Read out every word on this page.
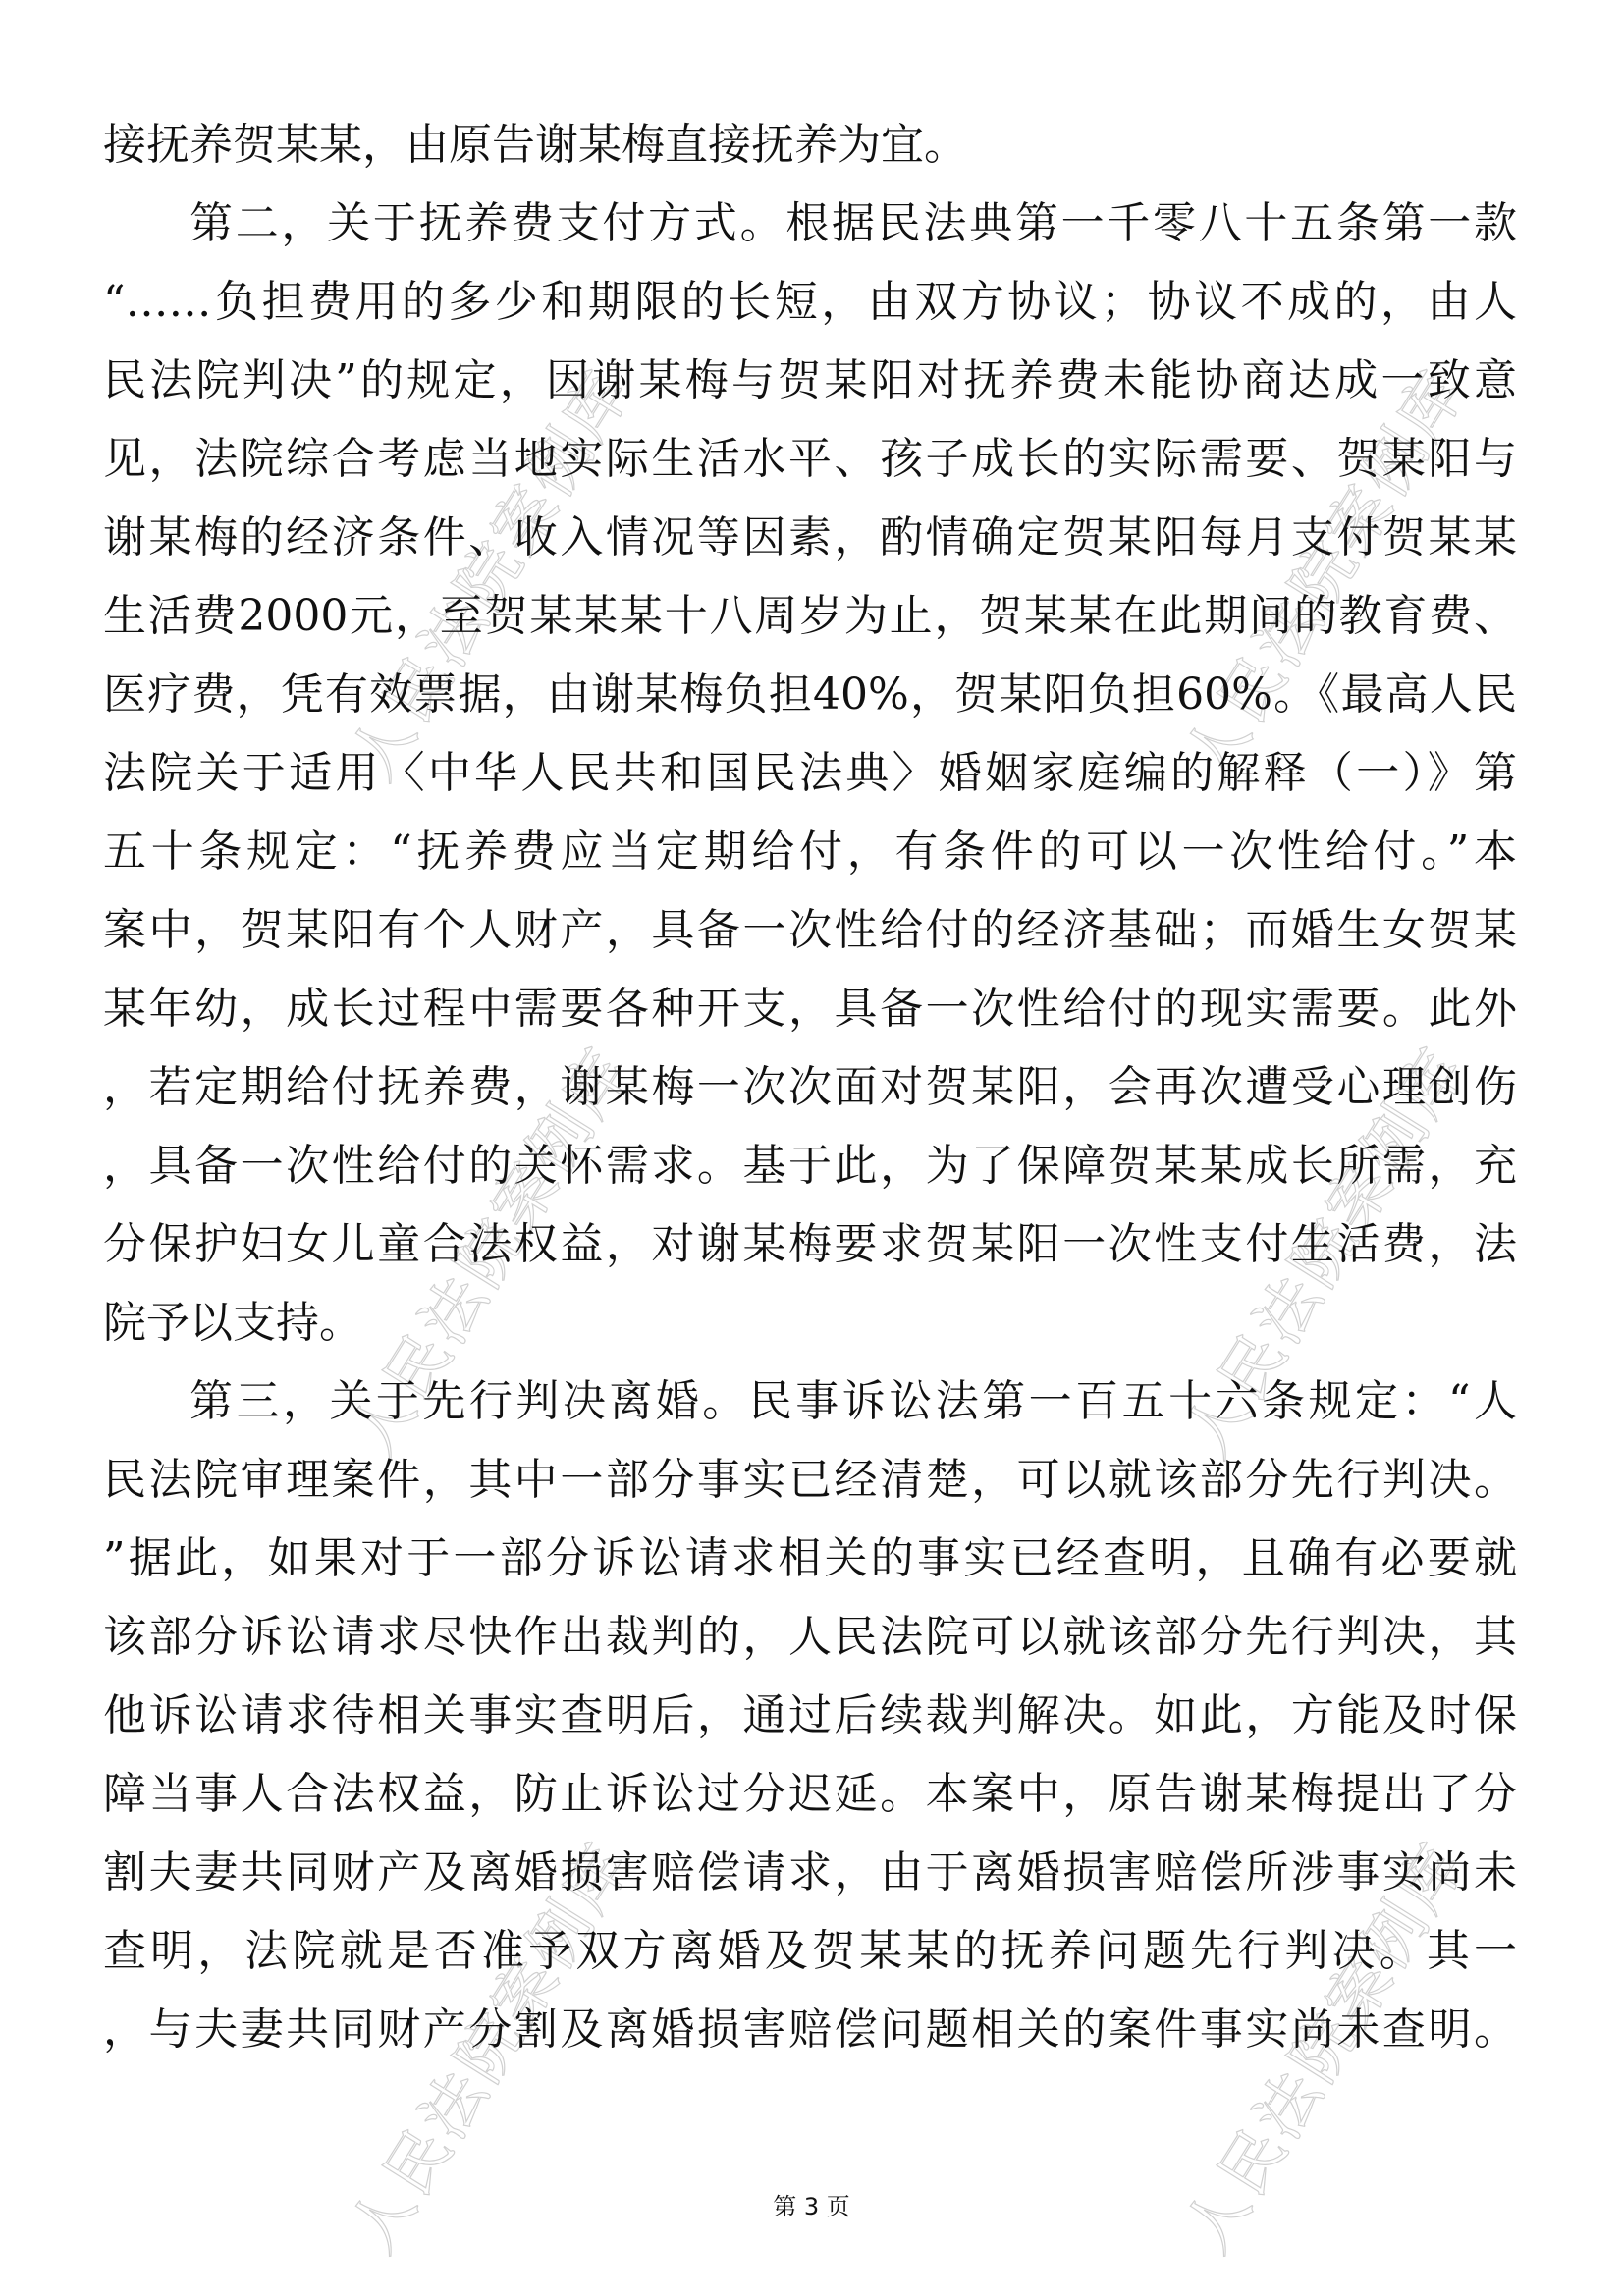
人民法院案例库	人民法院案例库
人民法院案例库	人民法院案例库
人民法院案例库	人民法院案例库
接抚养贺某某，由原告谢某梅直接抚养为宜。
第二，关于抚养费支付方式。根据民法典第一千零八十五条第一款
“……负担费用的多少和期限的长短，由双方协议；协议不成的，由人
民法院判决”的规定，因谢某梅与贺某阳对抚养费未能协商达成一致意
见，法院综合考虑当地实际生活水平、孩子成长的实际需要、贺某阳与
谢某梅的经济条件、收入情况等因素，酌情确定贺某阳每月支付贺某某
生活费2000元，至贺某某某十八周岁为止，贺某某在此期间的教育费、
医疗费，凭有效票据，由谢某梅负担40%，贺某阳负担60%。《最高人民
法院关于适用〈中华人民共和国民法典〉婚姻家庭编的解释（一）》第
五十条规定：“抚养费应当定期给付，有条件的可以一次性给付。”本
案中，贺某阳有个人财产，具备一次性给付的经济基础；而婚生女贺某
某年幼，成长过程中需要各种开支，具备一次性给付的现实需要。此外
，若定期给付抚养费，谢某梅一次次面对贺某阳，会再次遭受心理创伤
，具备一次性给付的关怀需求。基于此，为了保障贺某某成长所需，充
分保护妇女儿童合法权益，对谢某梅要求贺某阳一次性支付生活费，法
院予以支持。
第三，关于先行判决离婚。民事诉讼法第一百五十六条规定：“人
民法院审理案件，其中一部分事实已经清楚，可以就该部分先行判决。
”据此，如果对于一部分诉讼请求相关的事实已经查明，且确有必要就
该部分诉讼请求尽快作出裁判的，人民法院可以就该部分先行判决，其
他诉讼请求待相关事实查明后，通过后续裁判解决。如此，方能及时保
障当事人合法权益，防止诉讼过分迟延。本案中，原告谢某梅提出了分
割夫妻共同财产及离婚损害赔偿请求，由于离婚损害赔偿所涉事实尚未
查明，法院就是否准予双方离婚及贺某某的抚养问题先行判决。其一
，与夫妻共同财产分割及离婚损害赔偿问题相关的案件事实尚未查明。
第 3 页
